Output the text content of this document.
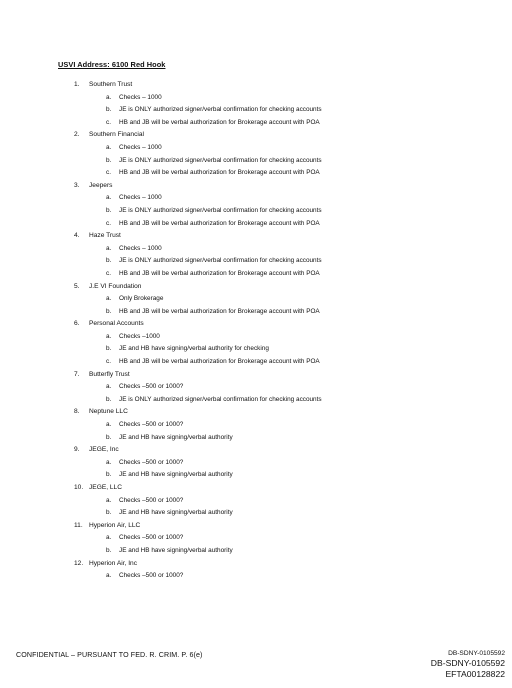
USVI Address: 6100 Red Hook
1. Southern Trust
a. Checks – 1000
b. JE is ONLY authorized signer/verbal confirmation for checking accounts
c. HB and JB will be verbal authorization for Brokerage account with POA
2. Southern Financial
a. Checks – 1000
b. JE is ONLY authorized signer/verbal confirmation for checking accounts
c. HB and JB will be verbal authorization for Brokerage account with POA
3. Jeepers
a. Checks – 1000
b. JE is ONLY authorized signer/verbal confirmation for checking accounts
c. HB and JB will be verbal authorization for Brokerage account with POA
4. Haze Trust
a. Checks – 1000
b. JE is ONLY authorized signer/verbal confirmation for checking accounts
c. HB and JB will be verbal authorization for Brokerage account with POA
5. J.E VI Foundation
a. Only Brokerage
b. HB and JB will be verbal authorization for Brokerage account with POA
6. Personal Accounts
a. Checks –1000
b. JE and HB have signing/verbal authority for checking
c. HB and JB will be verbal authorization for Brokerage account with POA
7. Butterfly Trust
a. Checks –500 or 1000?
b. JE is ONLY authorized signer/verbal confirmation for checking accounts
8. Neptune LLC
a. Checks –500 or 1000?
b. JE and HB have signing/verbal authority
9. JEGE, Inc
a. Checks –500 or 1000?
b. JE and HB have signing/verbal authority
10. JEGE, LLC
a. Checks –500 or 1000?
b. JE and HB have signing/verbal authority
11. Hyperion Air, LLC
a. Checks –500 or 1000?
b. JE and HB have signing/verbal authority
12. Hyperion Air, Inc
a. Checks –500 or 1000?
CONFIDENTIAL – PURSUANT TO FED. R. CRIM. P. 6(e)	DB-SDNY-0105592
DB-SDNY-0105592
EFTA00128822
